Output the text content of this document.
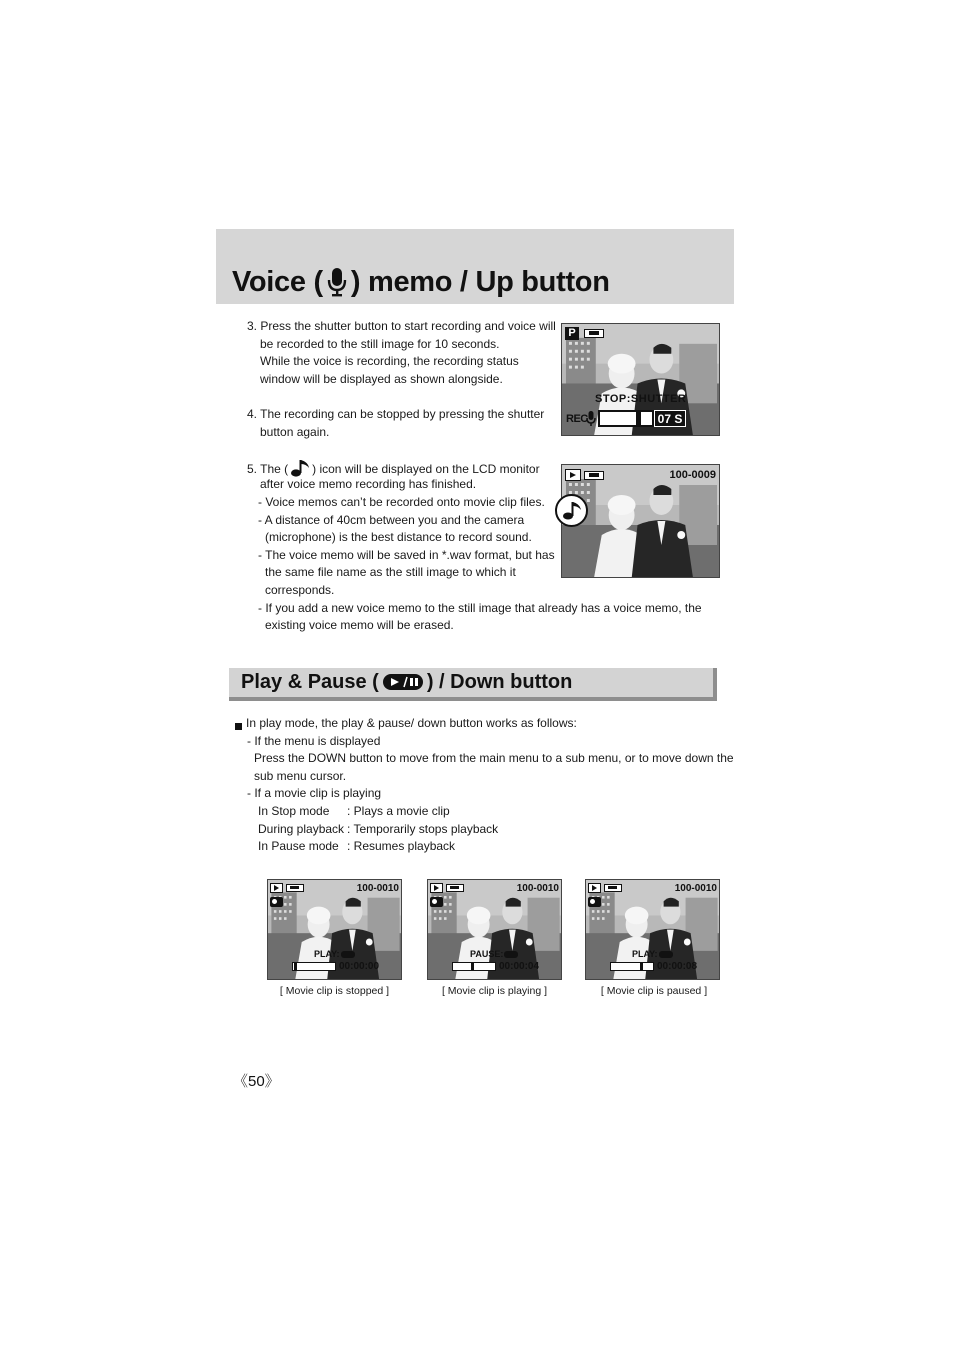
Voice ( ) memo / Up button
3. Press the shutter button to start recording and voice will
be recorded to the still image for 10 seconds.
While the voice is recording, the recording status
window will be displayed as shown alongside.
4. The recording can be stopped by pressing the shutter
button again.
5. The ( ) icon will be displayed on the LCD monitor
after voice memo recording has finished.
- Voice memos can’t be recorded onto movie clip files.
- A distance of 40cm between you and the camera
(microphone) is the best distance to record sound.
- The voice memo will be saved in *.wav format, but has
the same file name as the still image to which it
corresponds.
- If you add a new voice memo to the still image that already has a voice memo, the
existing voice memo will be erased.
P
STOP:SHUTTER
REC	07 S
100-0009
Play & Pause ( ) / Down button
In play mode, the play & pause/ down button works as follows:
- If the menu is displayed
Press the DOWN button to move from the main menu to a sub menu, or to move down the
sub menu cursor.
- If a movie clip is playing
In Stop mode : Plays a movie clip
During playback : Temporarily stops playback
In Pause mode : Resumes playback
100-0010
PLAY:
00:00:00
100-0010
PAUSE:
00:00:04
100-0010
PLAY:
00:00:08
[ Movie clip is stopped ]	[ Movie clip is playing ]	[ Movie clip is paused ]
《50》
